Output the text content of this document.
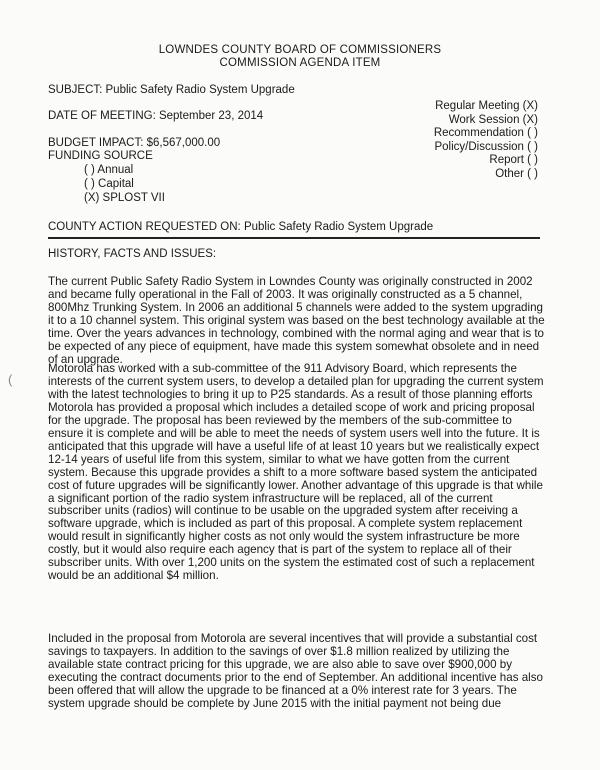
LOWNDES COUNTY BOARD OF COMMISSIONERS
COMMISSION AGENDA ITEM
SUBJECT: Public Safety Radio System Upgrade
DATE OF MEETING: September 23, 2014
BUDGET IMPACT: $6,567,000.00
FUNDING SOURCE
( ) Annual
( ) Capital
(X) SPLOST VII
Regular Meeting (X)
Work Session (X)
Recommendation ( )
Policy/Discussion ( )
Report ( )
Other ( )
COUNTY ACTION REQUESTED ON: Public Safety Radio System Upgrade
HISTORY, FACTS AND ISSUES:

The current Public Safety Radio System in Lowndes County was originally constructed in 2002 and became fully operational in the Fall of 2003. It was originally constructed as a 5 channel, 800Mhz Trunking System. In 2006 an additional 5 channels were added to the system upgrading it to a 10 channel system. This original system was based on the best technology available at the time. Over the years advances in technology, combined with the normal aging and wear that is to be expected of any piece of equipment, have made this system somewhat obsolete and in need of an upgrade.

Motorola has worked with a sub-committee of the 911 Advisory Board, which represents the interests of the current system users, to develop a detailed plan for upgrading the current system with the latest technologies to bring it up to P25 standards. As a result of those planning efforts Motorola has provided a proposal which includes a detailed scope of work and pricing proposal for the upgrade. The proposal has been reviewed by the members of the sub-committee to ensure it is complete and will be able to meet the needs of system users well into the future. It is anticipated that this upgrade will have a useful life of at least 10 years but we realistically expect 12-14 years of useful life from this system, similar to what we have gotten from the current system. Because this upgrade provides a shift to a more software based system the anticipated cost of future upgrades will be significantly lower. Another advantage of this upgrade is that while a significant portion of the radio system infrastructure will be replaced, all of the current subscriber units (radios) will continue to be usable on the upgraded system after receiving a software upgrade, which is included as part of this proposal. A complete system replacement would result in significantly higher costs as not only would the system infrastructure be more costly, but it would also require each agency that is part of the system to replace all of their subscriber units. With over 1,200 units on the system the estimated cost of such a replacement would be an additional $4 million.

Included in the proposal from Motorola are several incentives that will provide a substantial cost savings to taxpayers. In addition to the savings of over $1.8 million realized by utilizing the available state contract pricing for this upgrade, we are also able to save over $900,000 by executing the contract documents prior to the end of September. An additional incentive has also been offered that will allow the upgrade to be financed at a 0% interest rate for 3 years. The system upgrade should be complete by June 2015 with the initial payment not being due

(
